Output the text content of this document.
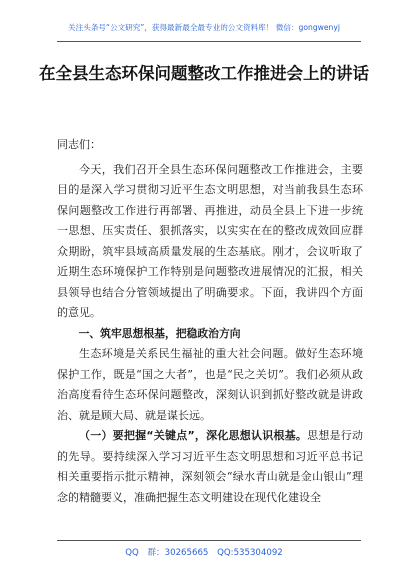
关注头条号“公文研究”，获得最新最全最专业的公文资料库！ 微信：gongwenyj
在全县生态环保问题整改工作推进会上的讲话

同志们：

今天，我们召开全县生态环保问题整改工作推进会，主要目的是深入学习贯彻习近平生态文明思想，对当前我县生态环保问题整改工作进行再部署、再推进，动员全县上下进一步统一思想、压实责任、狠抓落实，以实实在在的整改成效回应群众期盼，筑牢县域高质量发展的生态基底。刚才，会议听取了近期生态环境保护工作特别是问题整改进展情况的汇报，相关县领导也结合分管领域提出了明确要求。下面，我讲四个方面的意见。

一、筑牢思想根基，把稳政治方向

生态环境是关系民生福祉的重大社会问题。做好生态环境保护工作，既是“国之大者”，也是“民之关切”。我们必须从政治高度看待生态环保问题整改，深刻认识到抓好整改就是讲政治、就是顾大局、就是谋长远。

（一）要把握“关键点”，深化思想认识根基。思想是行动的先导。要持续深入学习习近平生态文明思想和习近平总书记相关重要指示批示精神，深刻领会“绿水青山就是金山银山”理念的精髓要义，准确把握生态文明建设在现代化建设全

QQ 群：30265665 QQ:535304092
